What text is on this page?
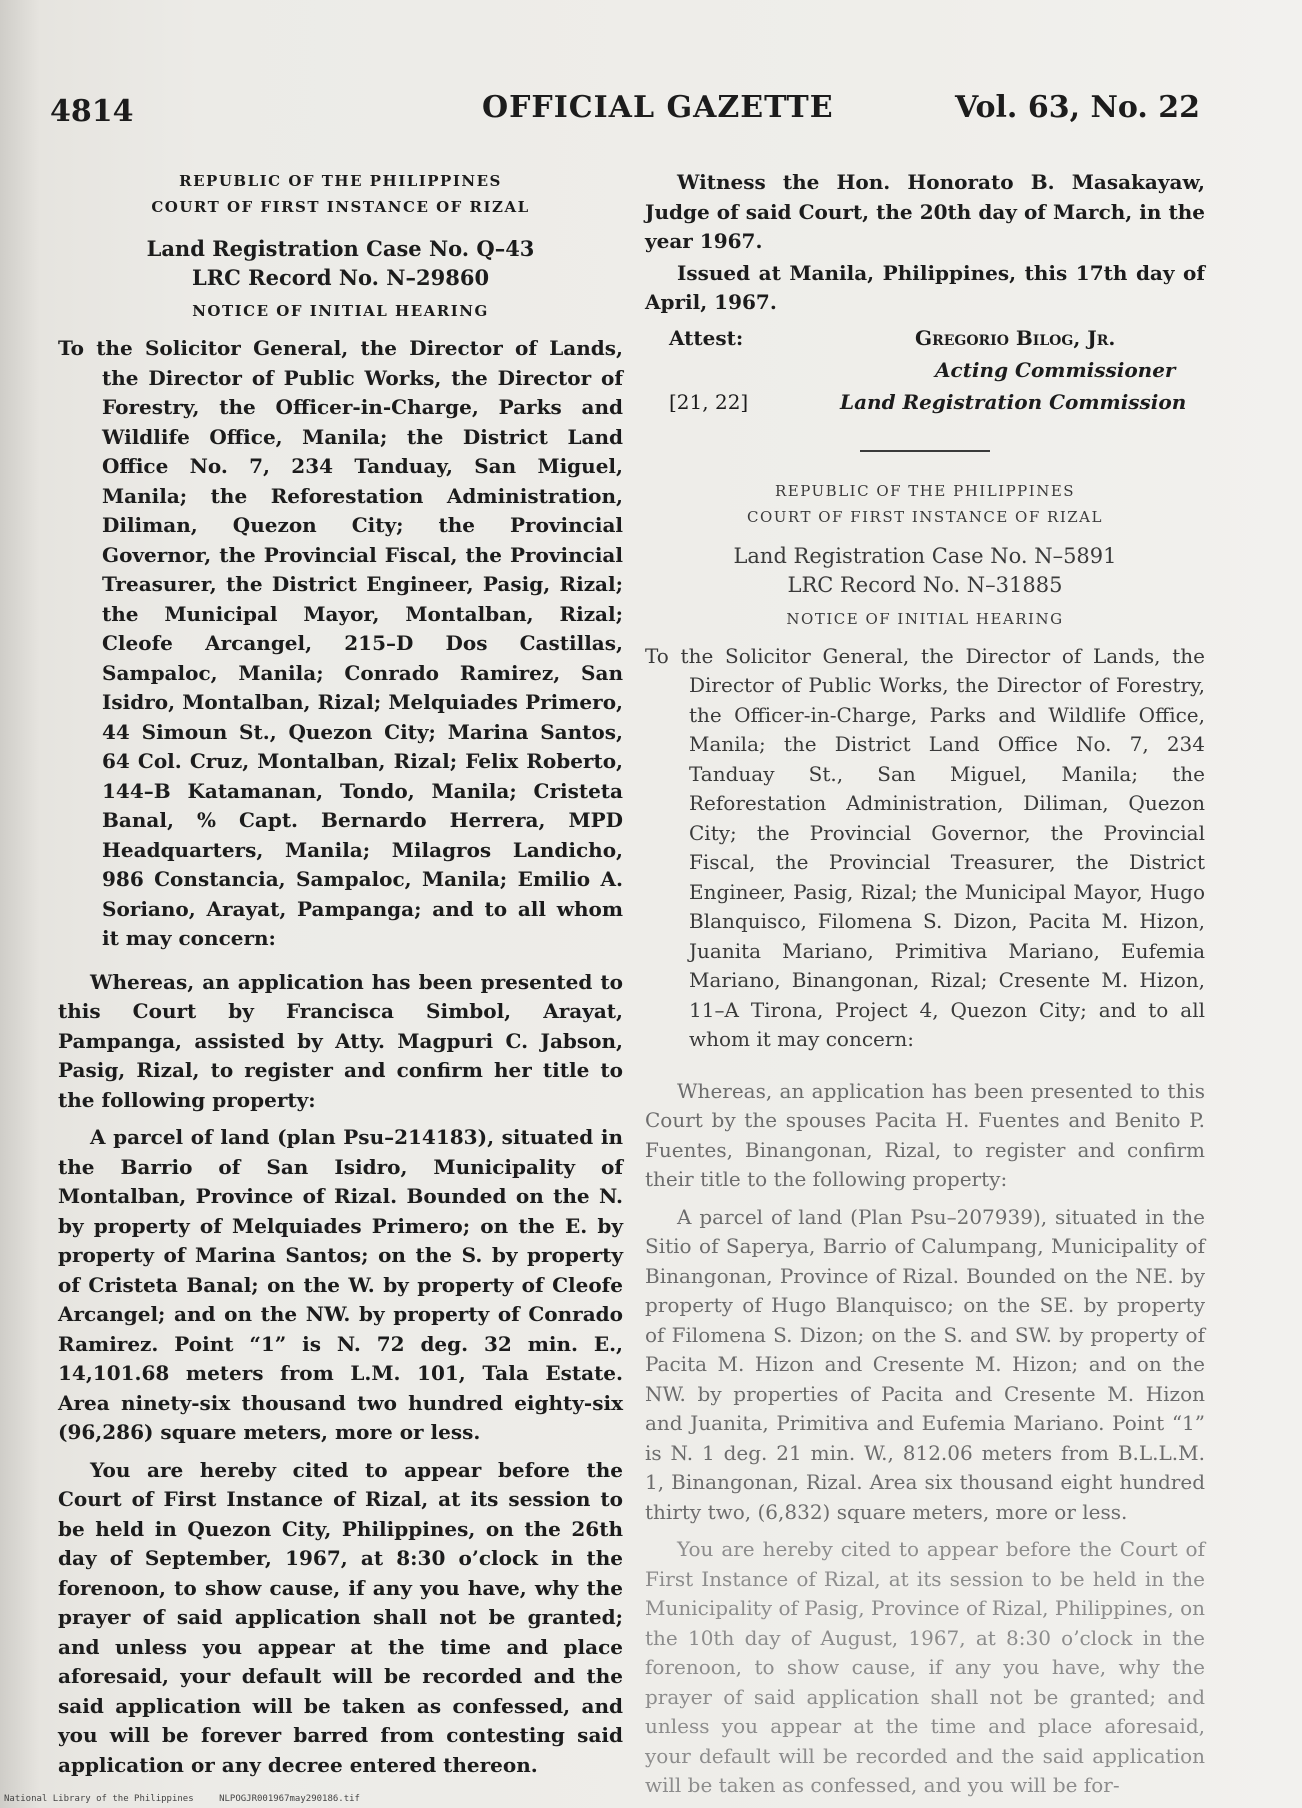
4814	OFFICIAL GAZETTE	Vol. 63, No. 22
REPUBLIC OF THE PHILIPPINES
COURT OF FIRST INSTANCE OF RIZAL
Land Registration Case No. Q–43
LRC Record No. N–29860
NOTICE OF INITIAL HEARING

To the Solicitor General, the Director of Lands, the Director of Public Works, the Director of Forestry, the Officer-in-Charge, Parks and Wildlife Office, Manila; the District Land Office No. 7, 234 Tanduay, San Miguel, Manila; the Reforestation Administration, Diliman, Quezon City; the Provincial Governor, the Provincial Fiscal, the Provincial Treasurer, the District Engineer, Pasig, Rizal; the Municipal Mayor, Montalban, Rizal; Cleofe Arcangel, 215–D Dos Castillas, Sampaloc, Manila; Conrado Ramirez, San Isidro, Montalban, Rizal; Melquiades Primero, 44 Simoun St., Quezon City; Marina Santos, 64 Col. Cruz, Montalban, Rizal; Felix Roberto, 144–B Katamanan, Tondo, Manila; Cristeta Banal, % Capt. Bernardo Herrera, MPD Headquarters, Manila; Milagros Landicho, 986 Constancia, Sampaloc, Manila; Emilio A. Soriano, Arayat, Pampanga; and to all whom it may concern:

Whereas, an application has been presented to this Court by Francisca Simbol, Arayat, Pampanga, assisted by Atty. Magpuri C. Jabson, Pasig, Rizal, to register and confirm her title to the following property:

A parcel of land (plan Psu–214183), situated in the Barrio of San Isidro, Municipality of Montalban, Province of Rizal. Bounded on the N. by property of Melquiades Primero; on the E. by property of Marina Santos; on the S. by property of Cristeta Banal; on the W. by property of Cleofe Arcangel; and on the NW. by property of Conrado Ramirez. Point “1” is N. 72 deg. 32 min. E., 14,101.68 meters from L.M. 101, Tala Estate. Area ninety-six thousand two hundred eighty-six (96,286) square meters, more or less.

You are hereby cited to appear before the Court of First Instance of Rizal, at its session to be held in Quezon City, Philippines, on the 26th day of September, 1967, at 8:30 o’clock in the forenoon, to show cause, if any you have, why the prayer of said application shall not be granted; and unless you appear at the time and place aforesaid, your default will be recorded and the said application will be taken as confessed, and you will be forever barred from contesting said application or any decree entered thereon.

Witness the Hon. Honorato B. Masakayaw, Judge of said Court, the 20th day of March, in the year 1967.

Issued at Manila, Philippines, this 17th day of April, 1967.

Attest:	Gregorio Bilog, Jr.
Acting Commissioner
[21, 22]	Land Registration Commission
REPUBLIC OF THE PHILIPPINES
COURT OF FIRST INSTANCE OF RIZAL
Land Registration Case No. N–5891
LRC Record No. N–31885
NOTICE OF INITIAL HEARING

To the Solicitor General, the Director of Lands, the Director of Public Works, the Director of Forestry, the Officer-in-Charge, Parks and Wildlife Office, Manila; the District Land Office No. 7, 234 Tanduay St., San Miguel, Manila; the Reforestation Administration, Diliman, Quezon City; the Provincial Governor, the Provincial Fiscal, the Provincial Treasurer, the District Engineer, Pasig, Rizal; the Municipal Mayor, Hugo Blanquisco, Filomena S. Dizon, Pacita M. Hizon, Juanita Mariano, Primitiva Mariano, Eufemia Mariano, Binangonan, Rizal; Cresente M. Hizon, 11–A Tirona, Project 4, Quezon City; and to all whom it may concern:

Whereas, an application has been presented to this Court by the spouses Pacita H. Fuentes and Benito P. Fuentes, Binangonan, Rizal, to register and confirm their title to the following property:

A parcel of land (Plan Psu–207939), situated in the Sitio of Saperya, Barrio of Calumpang, Municipality of Binangonan, Province of Rizal. Bounded on the NE. by property of Hugo Blanquisco; on the SE. by property of Filomena S. Dizon; on the S. and SW. by property of Pacita M. Hizon and Cresente M. Hizon; and on the NW. by properties of Pacita and Cresente M. Hizon and Juanita, Primitiva and Eufemia Mariano. Point “1” is N. 1 deg. 21 min. W., 812.06 meters from B.L.L.M. 1, Binangonan, Rizal. Area six thousand eight hundred thirty two, (6,832) square meters, more or less.

You are hereby cited to appear before the Court of First Instance of Rizal, at its session to be held in the Municipality of Pasig, Province of Rizal, Philippines, on the 10th day of August, 1967, at 8:30 o’clock in the forenoon, to show cause, if any you have, why the prayer of said application shall not be granted; and unless you appear at the time and place aforesaid, your default will be recorded and the said application will be taken as confessed, and you will be for-

National Library of the Philippines	NLPOGJR001967may290186.tif
